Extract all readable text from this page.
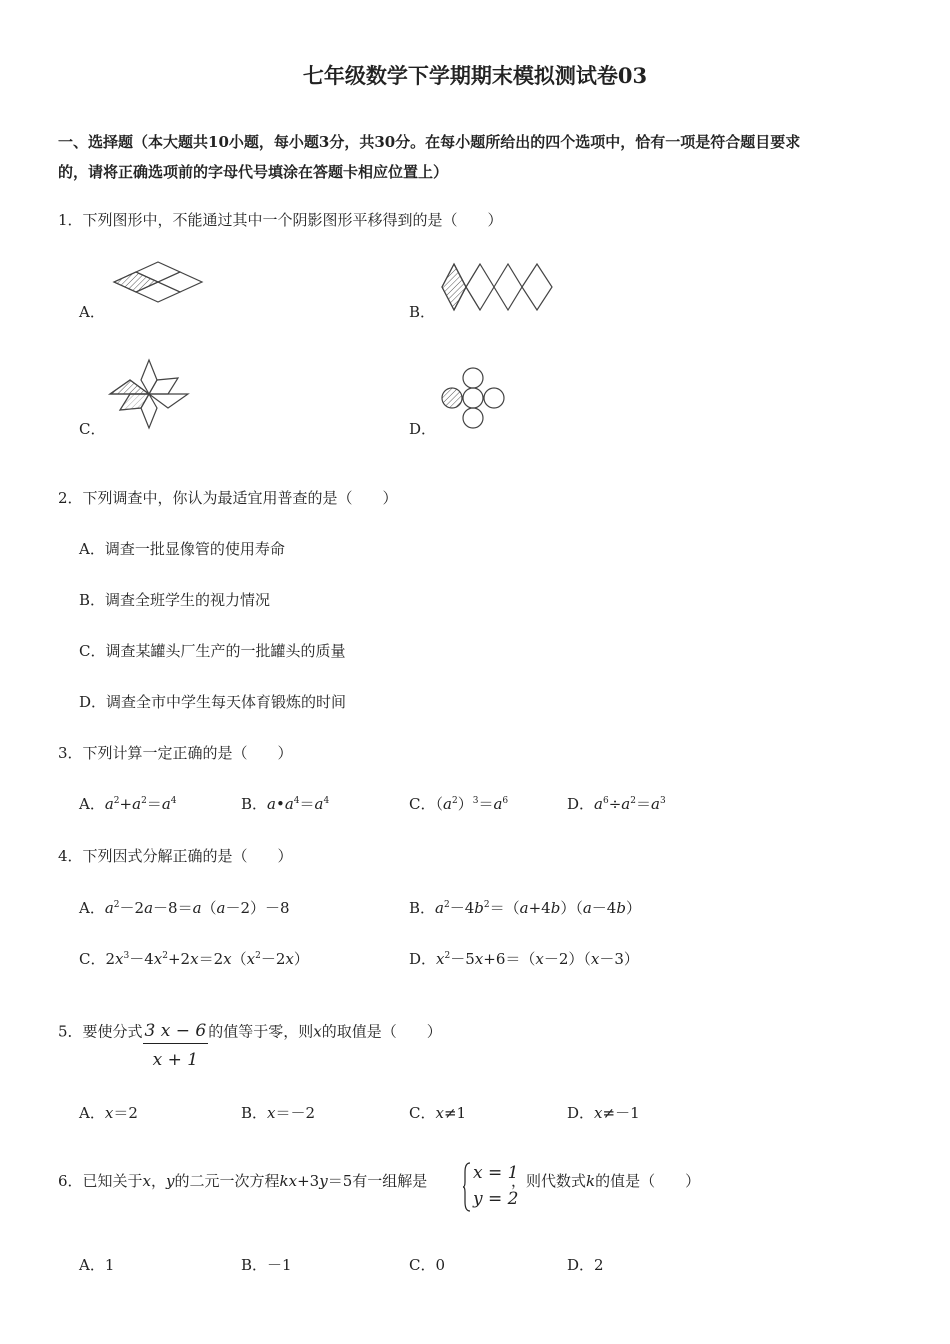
七年级数学下学期期末模拟测试卷03
一、选择题（本大题共10小题，每小题3分，共30分。在每小题所给出的四个选项中，恰有一项是符合题目要求
的，请将正确选项前的字母代号填涂在答题卡相应位置上）
1．下列图形中，不能通过其中一个阴影图形平移得到的是（　　）
A．	B．
C．	D．
2．下列调查中，你认为最适宜用普查的是（　　）
A．调查一批显像管的使用寿命
B．调查全班学生的视力情况
C．调查某罐头厂生产的一批罐头的质量
D．调查全市中学生每天体育锻炼的时间
3．下列计算一定正确的是（　　）
A．$a^2+a^2=a^4$	B．$a•a^4=a^4$	C．$(a^2)^3=a^6$	D．$a^6\div a^2=a^3$
4．下列因式分解正确的是（　　）
A．$a^2-2a-8=a(a-2)-8$	B．$a^2-4b^2=(a+4b)(a-4b)$
C．$2x^3-4x^2+2x=2x(x^2-2x)$	D．$x^2-5x+6=(x-2)(x-3)$
5．要使分式 $\frac{3 x - 6}{x + 1}$ 的值等于零，则x的取值是（　　）
A．x＝2	B．x＝－2	C．x≠1	D．x≠－1
6．已知关于x，y的二元一次方程kx+3y＝5有一组解是	x = 1
y = 2
，则代数式k的值是（　　）
A．1	B．－1	C．0	D．2
